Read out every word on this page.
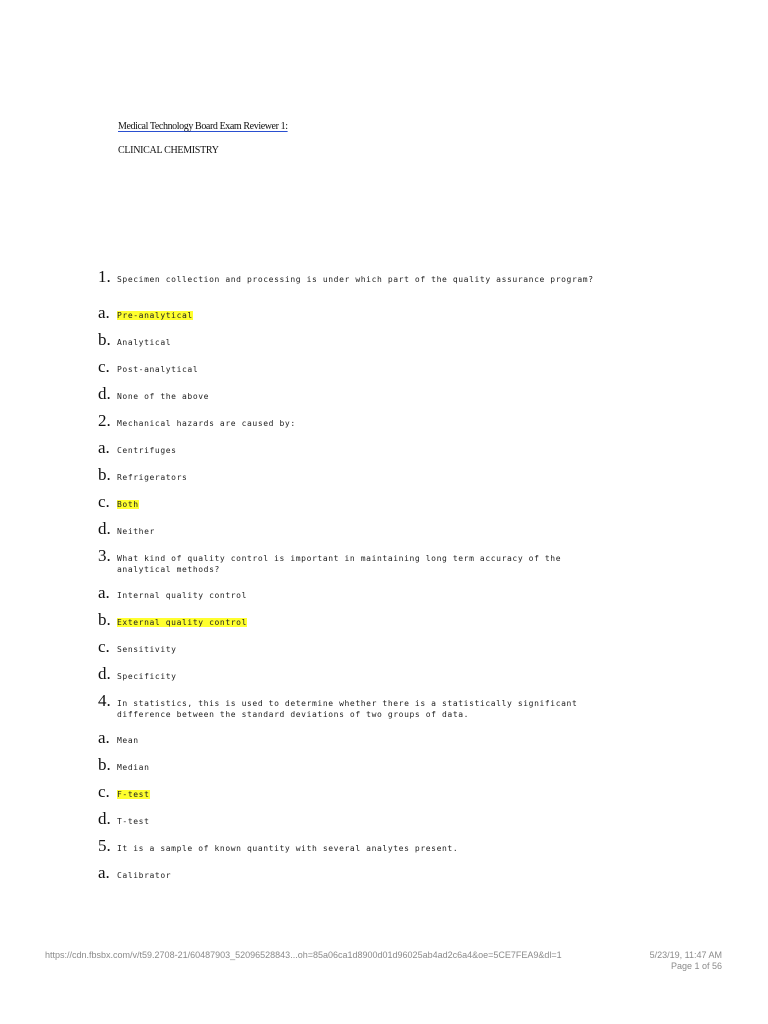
Medical Technology Board Exam Reviewer 1:
CLINICAL CHEMISTRY
1. Specimen collection and processing is under which part of the quality assurance program?
a. Pre-analytical
b. Analytical
c. Post-analytical
d. None of the above
2. Mechanical hazards are caused by:
a. Centrifuges
b. Refrigerators
c. Both
d. Neither
3. What kind of quality control is important in maintaining long term accuracy of the analytical methods?
a. Internal quality control
b. External quality control
c. Sensitivity
d. Specificity
4. In statistics, this is used to determine whether there is a statistically significant difference between the standard deviations of two groups of data.
a. Mean
b. Median
c. F-test
d. T-test
5. It is a sample of known quantity with several analytes present.
a. Calibrator
https://cdn.fbsbx.com/v/t59.2708-21/60487903_52096528843...oh=85a06ca1d8900d01d96025ab4ad2c6a4&oe=5CE7FEA9&dl=1	5/23/19, 11:47 AM
Page 1 of 56
